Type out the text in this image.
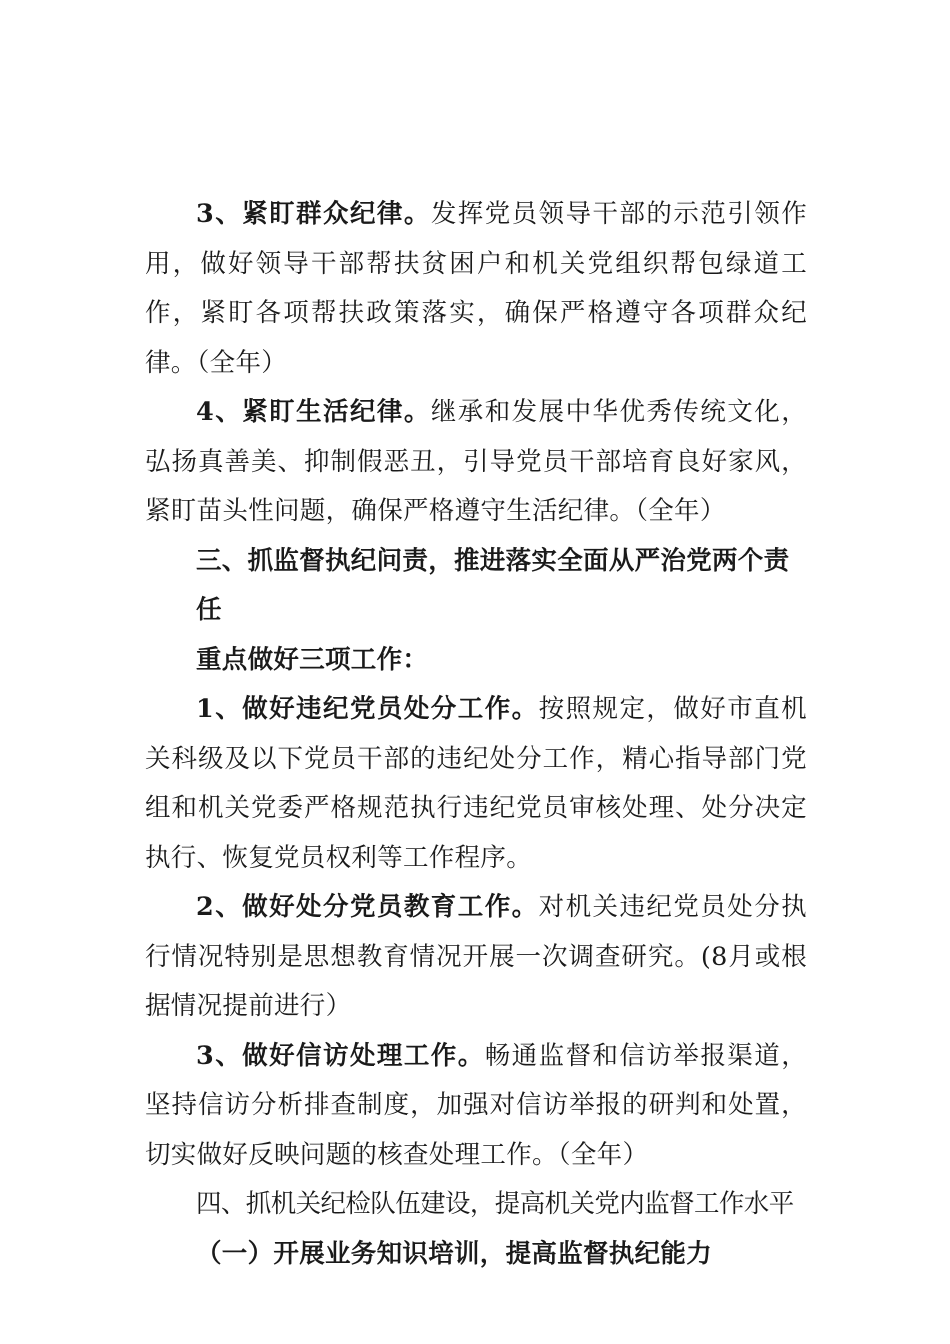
3、紧盯群众纪律。发挥党员领导干部的示范引领作用，做好领导干部帮扶贫困户和机关党组织帮包绿道工作，紧盯各项帮扶政策落实，确保严格遵守各项群众纪律。（全年）

4、紧盯生活纪律。继承和发展中华优秀传统文化，弘扬真善美、抑制假恶丑，引导党员干部培育良好家风，紧盯苗头性问题，确保严格遵守生活纪律。（全年）

三、抓监督执纪问责，推进落实全面从严治党两个责任

重点做好三项工作：

1、做好违纪党员处分工作。按照规定，做好市直机关科级及以下党员干部的违纪处分工作，精心指导部门党组和机关党委严格规范执行违纪党员审核处理、处分决定执行、恢复党员权利等工作程序。

2、做好处分党员教育工作。对机关违纪党员处分执行情况特别是思想教育情况开展一次调查研究。(8月或根据情况提前进行）

3、做好信访处理工作。畅通监督和信访举报渠道，坚持信访分析排查制度，加强对信访举报的研判和处置，切实做好反映问题的核查处理工作。（全年）

四、抓机关纪检队伍建设，提高机关党内监督工作水平

（一）开展业务知识培训，提高监督执纪能力
